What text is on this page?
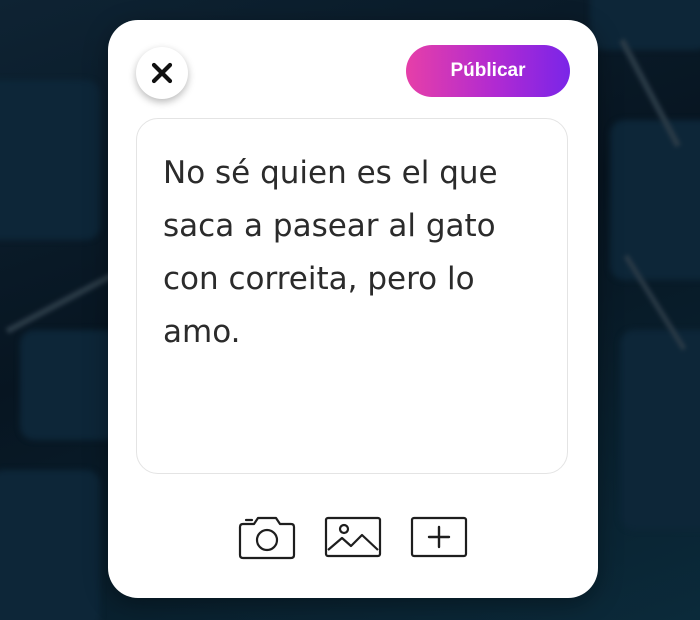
Públicar
No sé quien es el que saca a pasear al gato con correita, pero lo amo.
